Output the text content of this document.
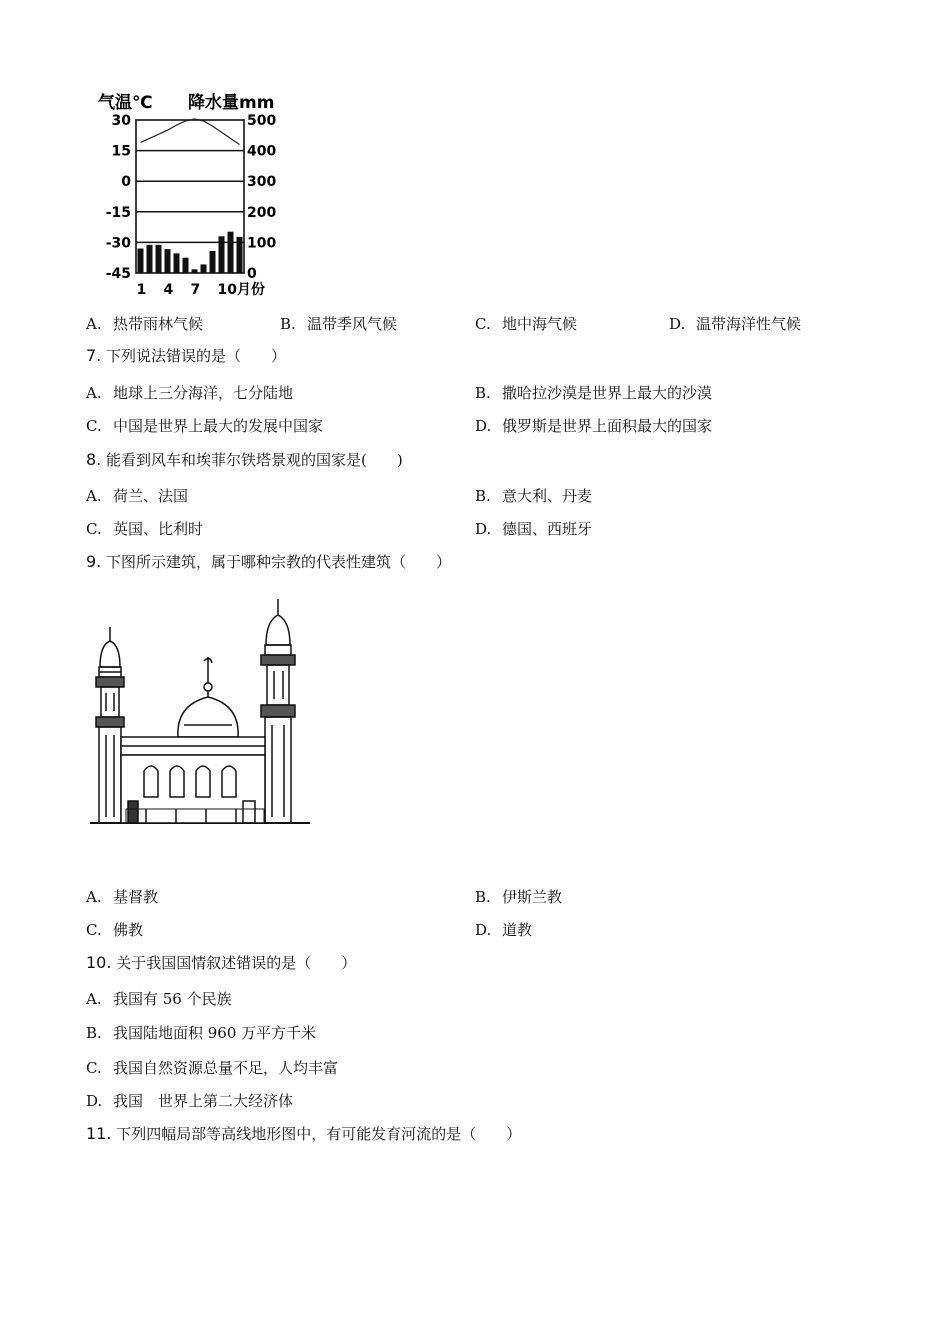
气温℃ 降水量mm
30
15
0
-15
-30
-45
500
400
300
200
100
0
1 4 7 10月份
A. 热带雨林气候	B. 温带季风气候	C. 地中海气候	D. 温带海洋性气候
7. 下列说法错误的是（　　）
A. 地球上三分海洋，七分陆地	B. 撒哈拉沙漠是世界上最大的沙漠
C. 中国是世界上最大的发展中国家	D. 俄罗斯是世界上面积最大的国家
8. 能看到风车和埃菲尔铁塔景观的国家是(　　)
A. 荷兰、法国	B. 意大利、丹麦
C. 英国、比利时	D. 德国、西班牙
9. 下图所示建筑，属于哪种宗教的代表性建筑（　　）
A. 基督教	B. 伊斯兰教
C. 佛教	D. 道教
10. 关于我国国情叙述错误的是（　　）
A. 我国有 56 个民族
B. 我国陆地面积 960 万平方千米
C. 我国自然资源总量不足，人均丰富
D. 我国　世界上第二大经济体
11. 下列四幅局部等高线地形图中，有可能发育河流的是（　　）
